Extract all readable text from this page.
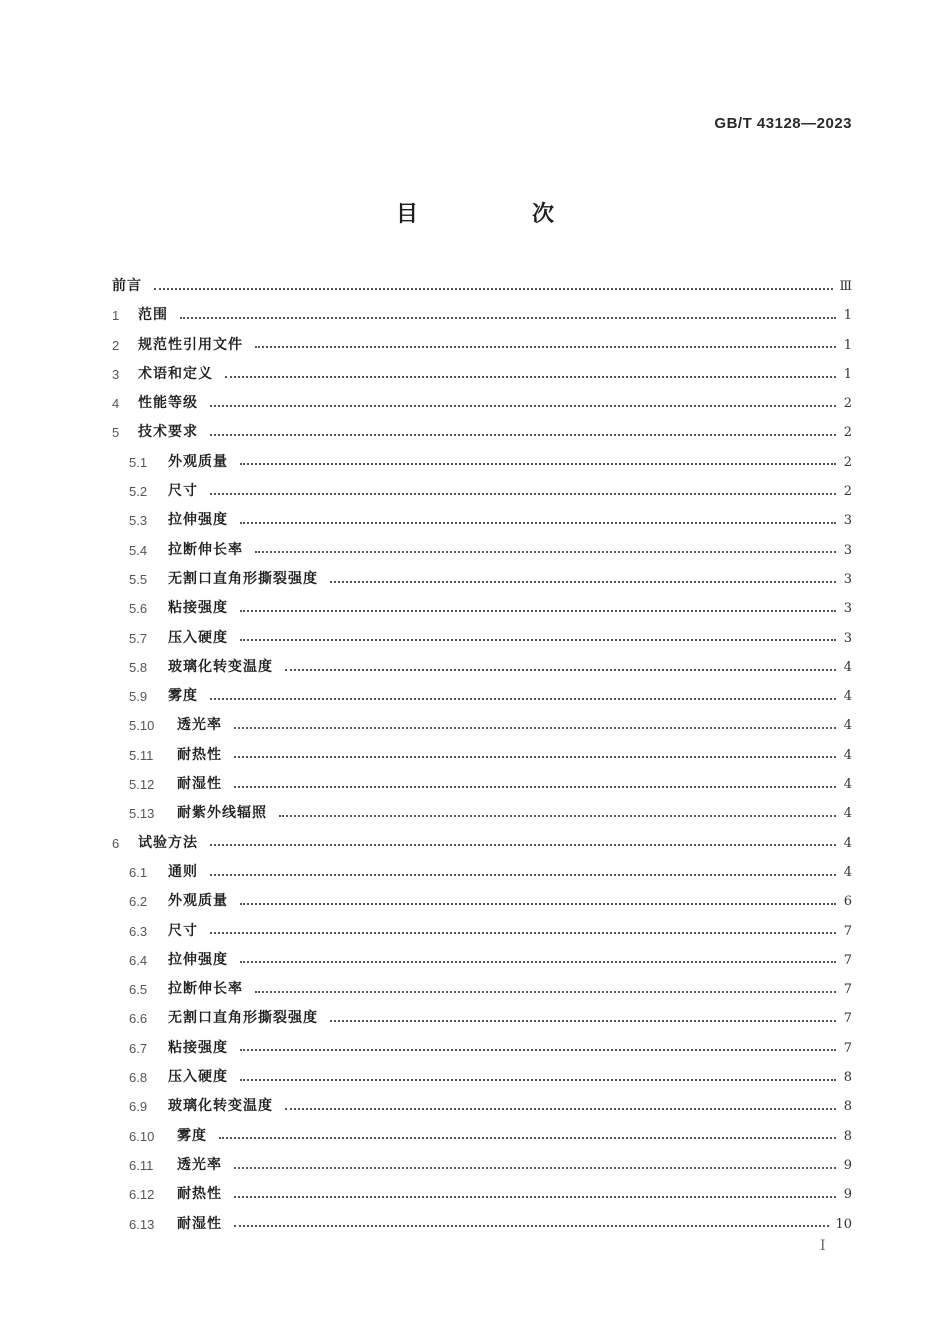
GB/T 43128—2023
目　次
前言	Ⅲ
1	范围	1
2	规范性引用文件	1
3	术语和定义	1
4	性能等级	2
5	技术要求	2
5.1	外观质量	2
5.2	尺寸	2
5.3	拉伸强度	3
5.4	拉断伸长率	3
5.5	无割口直角形撕裂强度	3
5.6	粘接强度	3
5.7	压入硬度	3
5.8	玻璃化转变温度	4
5.9	雾度	4
5.10	透光率	4
5.11	耐热性	4
5.12	耐湿性	4
5.13	耐紫外线辐照	4
6	试验方法	4
6.1	通则	4
6.2	外观质量	6
6.3	尺寸	7
6.4	拉伸强度	7
6.5	拉断伸长率	7
6.6	无割口直角形撕裂强度	7
6.7	粘接强度	7
6.8	压入硬度	8
6.9	玻璃化转变温度	8
6.10	雾度	8
6.11	透光率	9
6.12	耐热性	9
6.13	耐湿性	10
I
